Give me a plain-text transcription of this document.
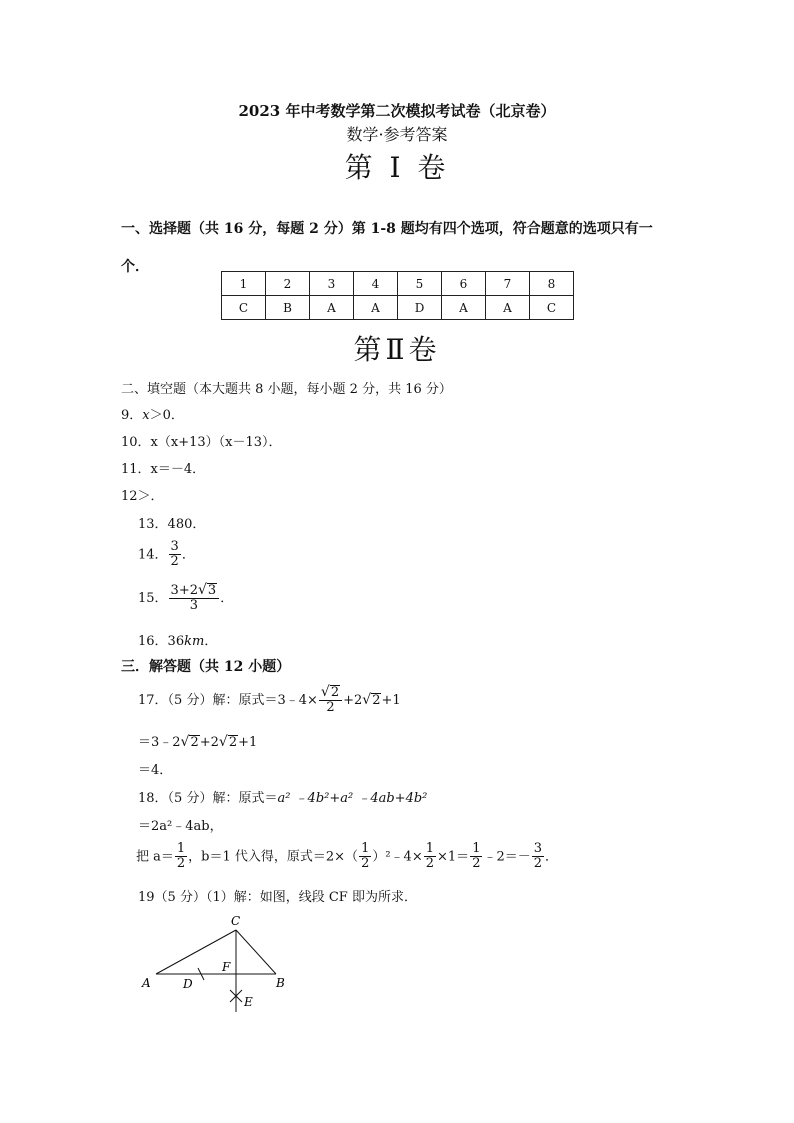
2023 年中考数学第二次模拟考试卷（北京卷）
数学·参考答案
第 Ⅰ 卷
一、选择题（共 16 分，每题 2 分）第 1-8 题均有四个选项，符合题意的选项只有一
个．
1	2	3	4	5	6	7	8
C	B	A	A	D	A	A	C
第Ⅱ卷
二、填空题（本大题共 8 小题，每小题 2 分，共 16 分）
9．x＞0．
10．x（x+13）（x－13）．
11．x＝－4．
12＞．
13．480．
14． $\frac{3}{2}$ ．
15． $\frac{3+2√3}{3}$ ．
16．36km．
三．解答题（共 12 小题）
17．（5 分）解：原式＝3﹣4× $\frac{√2}{2} +2√2+1$
＝3﹣2√2+2√2+1
＝4．
18．（5 分）解：原式＝a² ﹣4b²+a² ﹣4ab+4b²
＝2a²﹣4ab，
把 $a= \frac{1}{2}$ ，b＝1 代入得，原式$=2\times( \frac{1}{2}$ ）²﹣4× $\frac{1}{2} \times 1= \frac{1}{2}$ ﹣2＝－ $\frac{3}{2}$ ．
19（5 分）（1）解：如图，线段 CF 即为所求．
C
A	D
F
B
E
